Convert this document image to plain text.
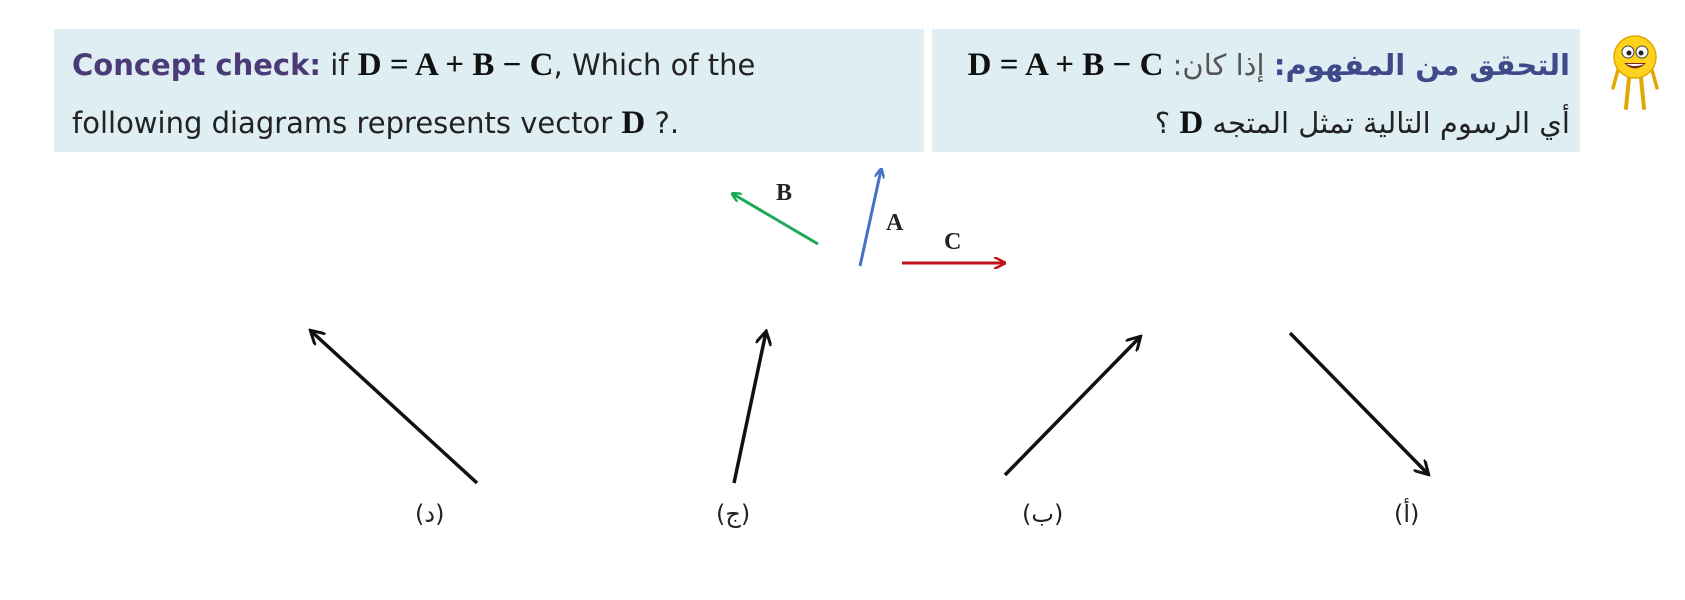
Concept check: if D = A + B − C, Which of the
following diagrams represents vector D ?.
التحقق من المفهوم: إذا كان: D = A + B − C
أي الرسوم التالية تمثل المتجه D ؟
B
A
C
(د)	(ج)	(ب)	(أ)
